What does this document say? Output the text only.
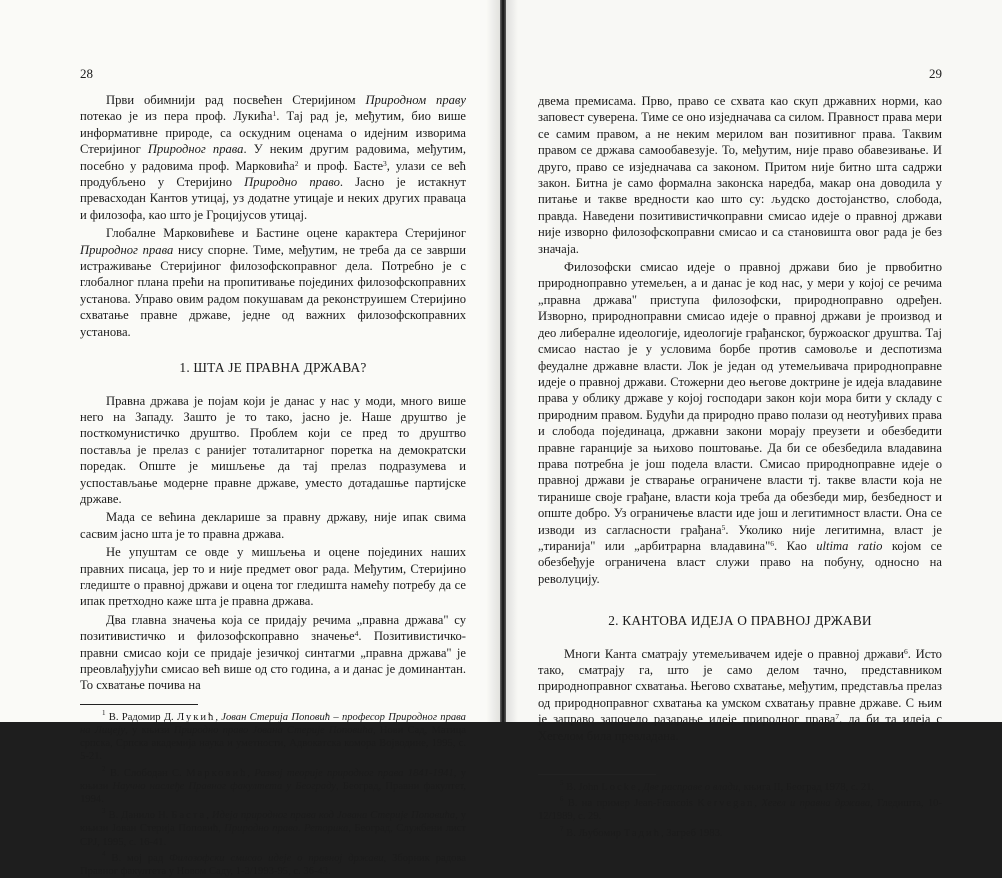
28

Први обимнији рад посвећен Стеријином Природном праву потекао је из пера проф. Лукића$^1$. Тај рад је, међутим, био више информативне природе, са оскудним оценама о идејним изворима Стеријиног Природног права. У неким другим радовима, међутим, посебно у радовима проф. Марковића$^2$ и проф. Басте$^3$, улази се већ продубљено у Стеријино Природно право. Јасно је истакнут превасходан Кантов утицај, уз додатне утицаје и неких других праваца и филозофа, као што је Гроцијусов утицај.

Глобалне Марковићеве и Бастине оцене карактера Стеријиног Природног права нису спорне. Тиме, међутим, не треба да се заврши истраживање Стеријиног филозофскоправног дела. Потребно је с глобалног плана прећи на пропитивање појединих филозофскоправних установа. Управо овим радом покушавам да реконструишем Стеријино схватање правне државе, једне од важних филозофскоправних установа.

1. ШТА ЈЕ ПРАВНА ДРЖАВА?

Правна држава је појам који је данас у нас у моди, много више него на Западу. Зашто је то тако, јасно је. Наше друштво је посткомунистичко друштво. Проблем који се пред то друштво поставља је прелаз с ранијег тоталитарног поретка на демократски поредак. Опште је мишљење да тај прелаз подразумева и успостављање модерне правне државе, уместо дотадашње партијске државе.

Мада се већина декларише за правну државу, није ипак свима сасвим јасно шта је то правна држава.

Не упуштам се овде у мишљења и оцене појединих наших правних писаца, јер то и није предмет овог рада. Међутим, Стеријино гледиште о правној држави и оцена тог гледишта намећу потребу да се ипак претходно каже шта је правна држава.

Два главна значења која се придају речима „правна држава" су позитивистичко и филозофскоправно значење$^4$. Позитивистичко-правни смисао који се придаје језичкој синтагми „правна држава" је преовлађујући смисао већ више од сто година, а и данас је доминантан. То схватање почива на

$^1$ В. Радомир Д. Лукић, Јован Стерија Поповић – професор Природног права на Лицеју, у књизи Природно право Јована Стерије Поповића, Нови Сад, Матица српска, Српска академија наука и уметности, Адвокатска комора Војводине, 1995, с. 5-21.
$^2$ В. Слободан С. Марковић, Развој теорије природног права 1841-1941, у књизи Научно наслеђе Правног факултета у Београду, Београд, Правни факултет, 1994.
$^3$ В. Данило Н. Баста, Идеја природног права код Јована Стерије Поповића, у књизи Јован Стерија Поповић, Природно право. Реторика, Београд, Службени лист СРЈ, 1995, с. 16-41.
$^4$ В. мој рад Филозофски смисао идеје о правној држави, Зборник радова Правног факултета у Новом Саду, 1-3/1993-95, с. 36-43.
29

двема премисама. Прво, право се схвата као скуп државних норми, као заповест суверена. Тиме се оно изједначава са силом. Правност права мери се самим правом, а не неким мерилом ван позитивног права. Таквим правом се држава самообавезује. То, међутим, није право обавезивање. И друго, право се изједначава са законом. Притом није битно шта садржи закон. Битна је само формална законска наредба, макар она доводила у питање и такве вредности као што су: људско достојанство, слобода, правда. Наведени позитивистичкоправни смисао идеје о правној држави није изворно филозофскоправни смисао и са становишта овог рада је без значаја.

Филозофски смисао идеје о правној држави био је првобитно природноправно утемељен, а и данас је код нас, у мери у којој се речима „правна држава" приступа филозофски, природноправно одређен. Изворно, природноправни смисао идеје о правној држави је производ и део либералне идеологије, идеологије грађанског, буржоаског друштва. Тај смисао настао је у условима борбе против самовоље и деспотизма феудалне државне власти. Лок је један од утемељивача природноправне идеје о правној држави. Стожерни део његове доктрине је идеја владавине права у облику државе у којој господари закон који мора бити у складу с природним правом. Будући да природно право полази од неотуђивих права и слобода појединаца, државни закони морају преузети и обезбедити правне гаранције за њихово поштовање. Да би се обезбедила владавина права потребна је још подела власти. Смисао природноправне идеје о правној држави је стварање ограничене власти тј. такве власти која не тиранише своје грађане, власти која треба да обезбеди мир, безбедност и опште добро. Уз ограничење власти иде још и легитимност власти. Она се изводи из сагласности грађана$^5$. Уколико није легитимна, власт је „тиранија" или „арбитрарна владавина"$^6$. Као ultima ratio којом се обезбеђује ограничена власт служи право на побуну, односно на револуцију.

2. КАНТОВА ИДЕЈА О ПРАВНОЈ ДРЖАВИ

Многи Канта сматрају утемељивачем идеје о правној држави$^6$. Исто тако, сматрају га, што је само делом тачно, представником природноправног схватања. Његово схватање, међутим, представља прелаз од природноправног схватања ка умском схватању правне државе. С њим је заправо започело разарање идеје природног права$^7$, да би та идеја с Хегелом била превладана.

$^5$ В. John Locke, Две расправе о влади, књига II, Београд 1978, с. 21.
$^6$ В. на пример Jean-Francois Kervegan, Хегел и правна држава, Гледишта, 10-12/1989, с. 29.
$^7$ В. Љубомир Тадић, Загреб 1983.
